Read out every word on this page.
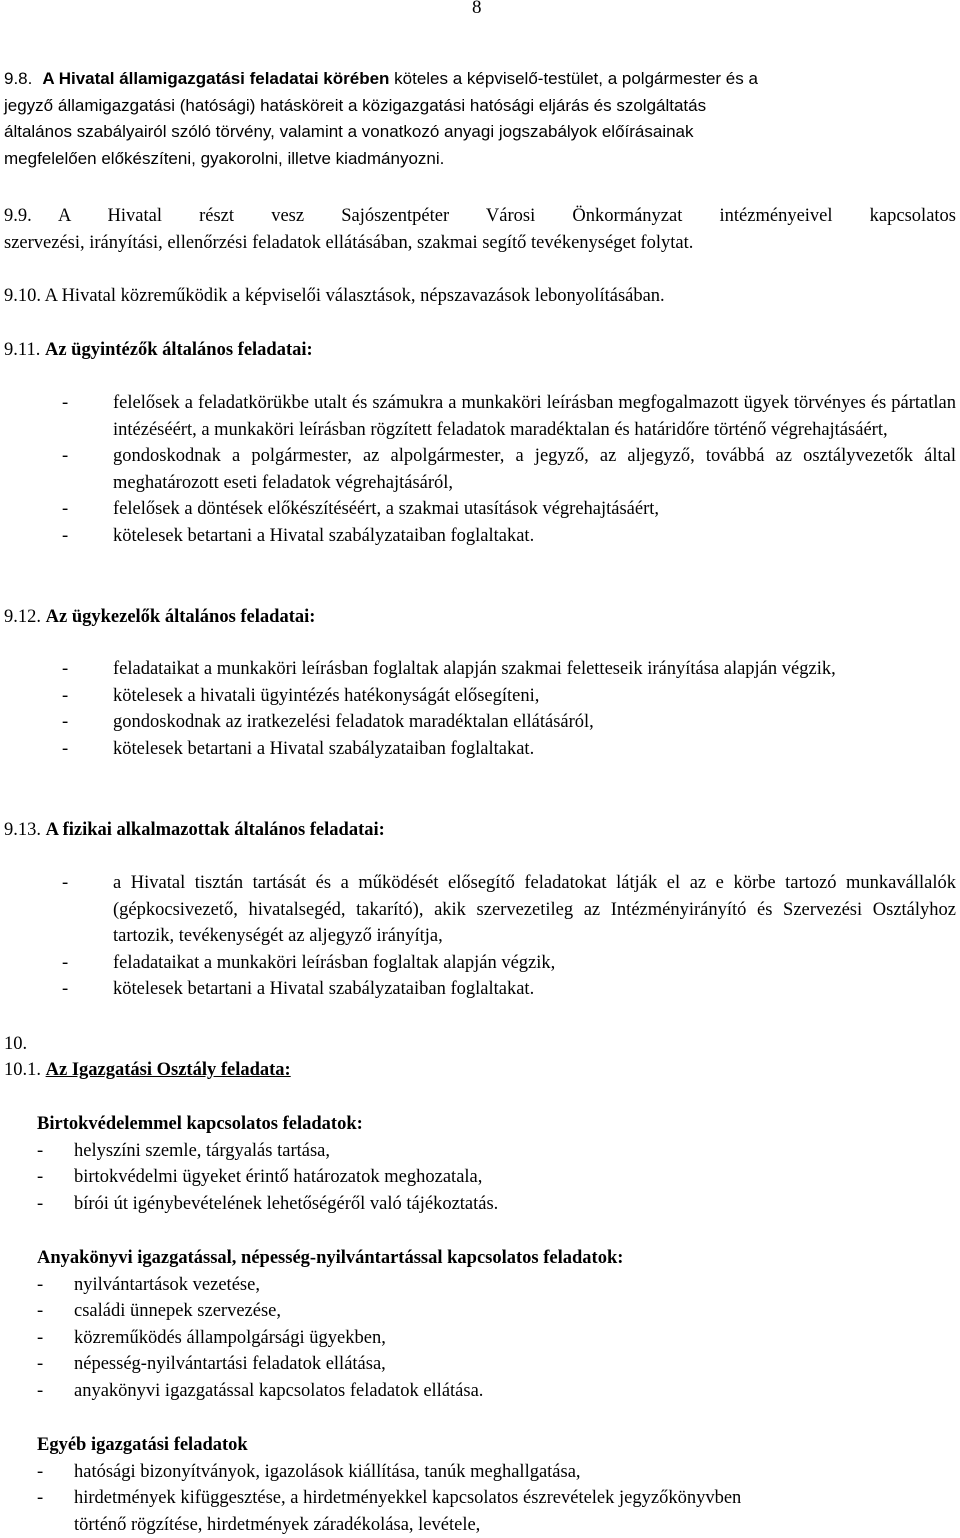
8
9.8. A Hivatal államigazgatási feladatai körében köteles a képviselő-testület, a polgármester és a
jegyző államigazgatási (hatósági) hatásköreit a közigazgatási hatósági eljárás és szolgáltatás
általános szabályairól szóló törvény, valamint a vonatkozó anyagi jogszabályok előírásainak
megfelelően előkészíteni, gyakorolni, illetve kiadmányozni.
9.9.	A Hivatal részt vesz Sajószentpéter Városi Önkormányzat intézményeivel kapcsolatos
szervezési, irányítási, ellenőrzési feladatok ellátásában, szakmai segítő tevékenységet folytat.
9.10. A Hivatal közreműködik a képviselői választások, népszavazások lebonyolításában.
9.11. Az ügyintézők általános feladatai:
- felelősek a feladatkörükbe utalt és számukra a munkaköri leírásban megfogalmazott ügyek törvényes és pártatlan intézéséért, a munkaköri leírásban rögzített feladatok maradéktalan és határidőre történő végrehajtásáért,
- gondoskodnak a polgármester, az alpolgármester, a jegyző, az aljegyző, továbbá az osztályvezetők által meghatározott eseti feladatok végrehajtásáról,
- felelősek a döntések előkészítéséért, a szakmai utasítások végrehajtásáért,
- kötelesek betartani a Hivatal szabályzataiban foglaltakat.
9.12. Az ügykezelők általános feladatai:
- feladataikat a munkaköri leírásban foglaltak alapján szakmai feletteseik irányítása alapján végzik,
- kötelesek a hivatali ügyintézés hatékonyságát elősegíteni,
- gondoskodnak az iratkezelési feladatok maradéktalan ellátásáról,
- kötelesek betartani a Hivatal szabályzataiban foglaltakat.
9.13. A fizikai alkalmazottak általános feladatai:
- a Hivatal tisztán tartását és a működését elősegítő feladatokat látják el az e körbe tartozó munkavállalók (gépkocsivezető, hivatalsegéd, takarító), akik szervezetileg az Intézményirányító és Szervezési Osztályhoz tartozik, tevékenységét az aljegyző irányítja,
- feladataikat a munkaköri leírásban foglaltak alapján végzik,
- kötelesek betartani a Hivatal szabályzataiban foglaltakat.
10.
10.1. Az Igazgatási Osztály feladata:
Birtokvédelemmel kapcsolatos feladatok:
- helyszíni szemle, tárgyalás tartása,
- birtokvédelmi ügyeket érintő határozatok meghozatala,
- bírói út igénybevételének lehetőségéről való tájékoztatás.
Anyakönyvi igazgatással, népesség-nyilvántartással kapcsolatos feladatok:
- nyilvántartások vezetése,
- családi ünnepek szervezése,
- közreműködés állampolgársági ügyekben,
- népesség-nyilvántartási feladatok ellátása,
- anyakönyvi igazgatással kapcsolatos feladatok ellátása.
Egyéb igazgatási feladatok
- hatósági bizonyítványok, igazolások kiállítása, tanúk meghallgatása,
- hirdetmények kifüggesztése, a hirdetményekkel kapcsolatos észrevételek jegyzőkönyvben történő rögzítése, hirdetmények záradékolása, levétele,
